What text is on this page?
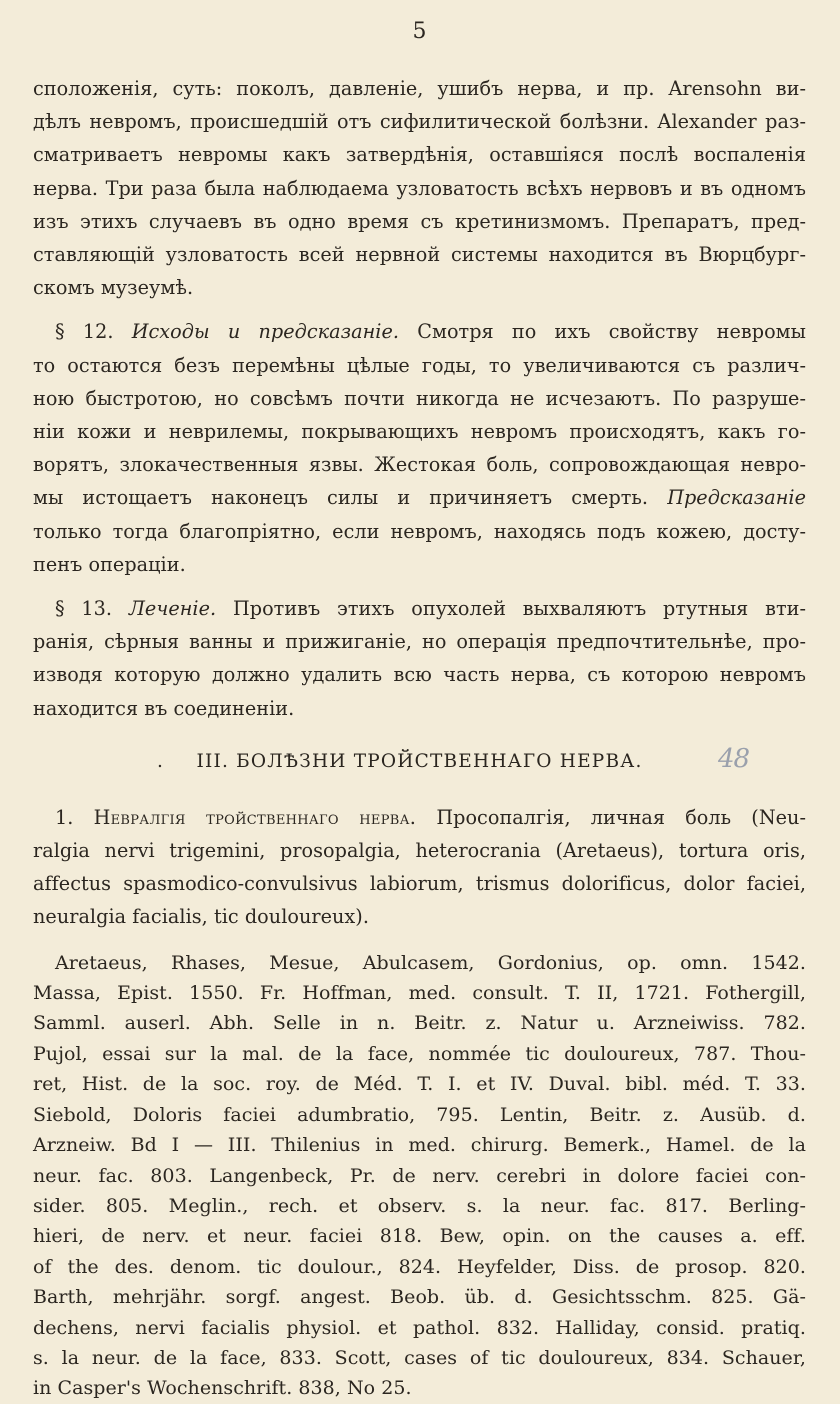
5

сположенія, суть: поколъ, давленіе, ушибъ нерва, и пр. Arensohn ви-

дѣлъ невромъ, происшедшій отъ сифилитической болѣзни. Alexander раз-

сматриваетъ невромы какъ затвердѣнія, оставшіяся послѣ воспаленія

нерва. Три раза была наблюдаема узловатость всѣхъ нервовъ и въ одномъ

изъ этихъ случаевъ въ одно время съ кретинизмомъ. Препаратъ, пред-

ставляющій узловатость всей нервной системы находится въ Вюрцбург-

скомъ музеумѣ.

§ 12. Исходы и предсказаніе. Смотря по ихъ свойству невромы

то остаются безъ перемѣны цѣлые годы, то увеличиваются съ различ-

ною быстротою, но совсѣмъ почти никогда не исчезаютъ. По разруше-

ніи кожи и неврилемы, покрывающихъ невромъ происходятъ, какъ го-

ворятъ, злокачественныя язвы. Жестокая боль, сопровождающая невро-

мы истощаетъ наконецъ силы и причиняетъ смерть. Предсказаніе

только тогда благопріятно, если невромъ, находясь подъ кожею, досту-

пенъ операціи.

§ 13. Леченіе. Противъ этихъ опухолей выхваляютъ ртутныя вти-

ранія, сѣрныя ванны и прижиганіе, но операція предпочтительнѣе, про-

изводя которую должно удалить всю часть нерва, съ которою невромъ

находится въ соединеніи.

. III. БОЛѢЗНИ ТРОЙСТВЕННАГО НЕРВА.	48

1. Невралгія тройственнаго нерва. Просопалгія, личная боль (Neu-

ralgia nervi trigemini, prosopalgia, heterocrania (Aretaeus), tortura oris,

affectus spasmodico-convulsivus labiorum, trismus dolorificus, dolor faciei,

neuralgia facialis, tic douloureux).

Aretaeus, Rhases, Mesue, Abulcasem, Gordonius, op. omn. 1542.

Massa, Epist. 1550. Fr. Hoffman, med. consult. T. II, 1721. Fothergill,

Samml. auserl. Abh. Selle in n. Beitr. z. Natur u. Arzneiwiss. 782.

Pujol, essai sur la mal. de la face, nommée tic douloureux, 787. Thou-

ret, Hist. de la soc. roy. de Méd. T. I. et IV. Duval. bibl. méd. T. 33.

Siebold, Doloris faciei adumbratio, 795. Lentin, Beitr. z. Ausüb. d.

Arzneiw. Bd I — III. Thilenius in med. chirurg. Bemerk., Hamel. de la

neur. fac. 803. Langenbeck, Pr. de nerv. cerebri in dolore faciei con-

sider. 805. Meglin., rech. et observ. s. la neur. fac. 817. Berling-

hieri, de nerv. et neur. faciei 818. Bew, opin. on the causes a. eff.

of the des. denom. tic doulour., 824. Heyfelder, Diss. de prosop. 820.

Barth, mehrjähr. sorgf. angest. Beob. üb. d. Gesichtsschm. 825. Gä-

dechens, nervi facialis physiol. et pathol. 832. Halliday, consid. pratiq.

s. la neur. de la face, 833. Scott, cases of tic douloureux, 834. Schauer,

in Casper's Wochenschrift. 838, No 25.
